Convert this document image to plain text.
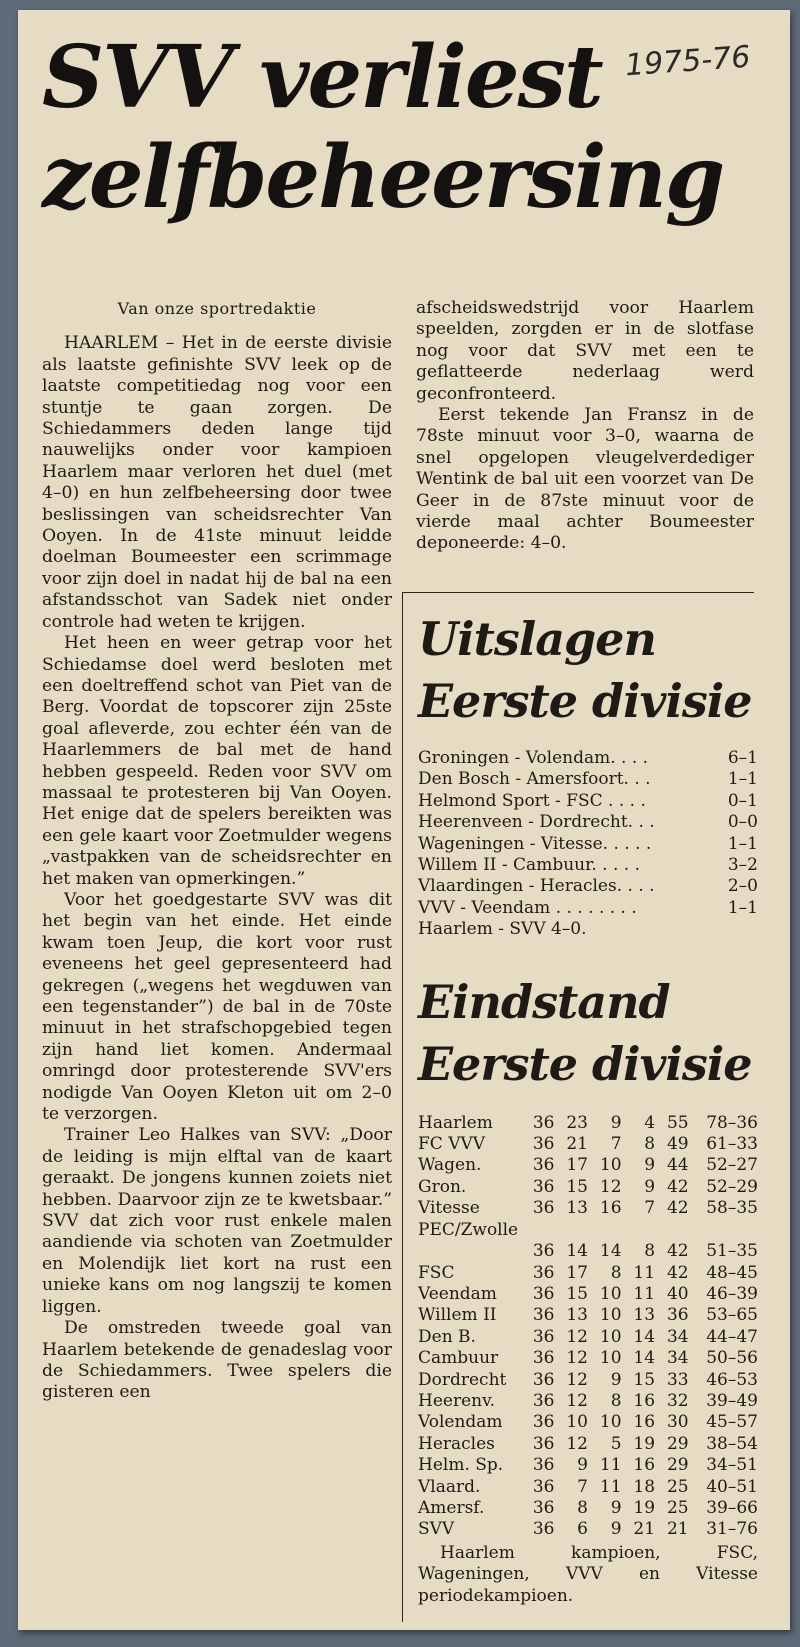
1975-76
SVV verliest
zelfbeheersing

Van onze sportredaktie

HAARLEM – Het in de eerste divisie als laatste gefinishte SVV leek op de laatste competitiedag nog voor een stuntje te gaan zorgen. De Schiedammers deden lange tijd nauwelijks onder voor kampioen Haarlem maar verloren het duel (met 4–0) en hun zelfbeheersing door twee beslissingen van scheidsrechter Van Ooyen. In de 41ste minuut leidde doelman Boumeester een scrimmage voor zijn doel in nadat hij de bal na een afstandsschot van Sadek niet onder controle had weten te krijgen.

Het heen en weer getrap voor het Schiedamse doel werd besloten met een doeltreffend schot van Piet van de Berg. Voordat de topscorer zijn 25ste goal afleverde, zou echter één van de Haarlemmers de bal met de hand hebben gespeeld. Reden voor SVV om massaal te protesteren bij Van Ooyen. Het enige dat de spelers bereikten was een gele kaart voor Zoetmulder wegens „vastpakken van de scheidsrechter en het maken van opmerkingen.”

Voor het goedgestarte SVV was dit het begin van het einde. Het einde kwam toen Jeup, die kort voor rust eveneens het geel gepresenteerd had gekregen („wegens het wegduwen van een tegenstander”) de bal in de 70ste minuut in het strafschopgebied tegen zijn hand liet komen. Andermaal omringd door protesterende SVV'ers nodigde Van Ooyen Kleton uit om 2–0 te verzorgen.

Trainer Leo Halkes van SVV: „Door de leiding is mijn elftal van de kaart geraakt. De jongens kunnen zoiets niet hebben. Daarvoor zijn ze te kwetsbaar.” SVV dat zich voor rust enkele malen aandiende via schoten van Zoetmulder en Molendijk liet kort na rust een unieke kans om nog langszij te komen liggen.

De omstreden tweede goal van Haarlem betekende de genadeslag voor de Schiedammers. Twee spelers die gisteren een

afscheidswedstrijd voor Haarlem speelden, zorgden er in de slotfase nog voor dat SVV met een te geflatteerde nederlaag werd geconfronteerd.

Eerst tekende Jan Fransz in de 78ste minuut voor 3–0, waarna de snel opgelopen vleugelverdediger Wentink de bal uit een voorzet van De Geer in de 87ste minuut voor de vierde maal achter Boumeester deponeerde: 4–0.

Uitslagen
Eerste divisie
Groningen - Volendam. . . .	6–1
Den Bosch - Amersfoort. . .	1–1
Helmond Sport - FSC . . . .	0–1
Heerenveen - Dordrecht. . .	0–0
Wageningen - Vitesse. . . . .	1–1
Willem II - Cambuur. . . . .	3–2
Vlaardingen - Heracles. . . .	2–0
VVV - Veendam . . . . . . . .	1–1
Haarlem - SVV 4–0.
Eindstand
Eerste divisie
Haarlem	36	23	9	4	55	78–36
FC VVV	36	21	7	8	49	61–33
Wagen.	36	17	10	9	44	52–27
Gron.	36	15	12	9	42	52–29
Vitesse	36	13	16	7	42	58–35
PEC/Zwolle						
	36	14	14	8	42	51–35
FSC	36	17	8	11	42	48–45
Veendam	36	15	10	11	40	46–39
Willem II	36	13	10	13	36	53–65
Den B.	36	12	10	14	34	44–47
Cambuur	36	12	10	14	34	50–56
Dordrecht	36	12	9	15	33	46–53
Heerenv.	36	12	8	16	32	39–49
Volendam	36	10	10	16	30	45–57
Heracles	36	12	5	19	29	38–54
Helm. Sp.	36	9	11	16	29	34–51
Vlaard.	36	7	11	18	25	40–51
Amersf.	36	8	9	19	25	39–66
SVV	36	6	9	21	21	31–76

Haarlem kampioen, FSC, Wageningen, VVV en Vitesse periodekampioen.
